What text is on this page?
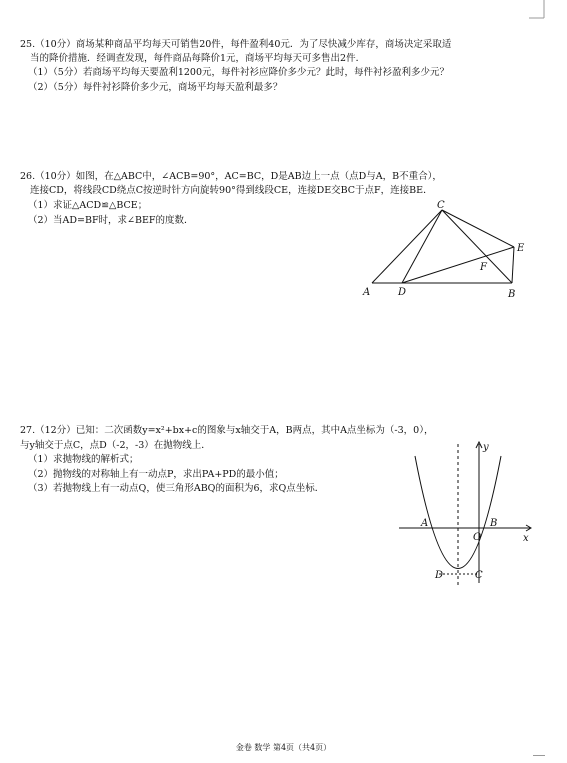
25.（10分）商场某种商品平均每天可销售20件，每件盈利40元．为了尽快减少库存，商场决定采取适
当的降价措施．经调查发现，每件商品每降价1元，商场平均每天可多售出2件．
（1）（5分）若商场平均每天要盈利1200元，每件衬衫应降价多少元？此时，每件衬衫盈利多少元？
（2）（5分）每件衬衫降价多少元，商场平均每天盈利最多？
26.（10分）如图，在△ABC中，∠ACB=90°，AC=BC，D是AB边上一点（点D与A，B不重合），
连接CD，将线段CD绕点C按逆时针方向旋转90°得到线段CE，连接DE交BC于点F，连接BE．
（1）求证△ACD≌△BCE；
（2）当AD=BF时，求∠BEF的度数．
A	D	B
C
E
F
27.（12分）已知：二次函数y=x²+bx+c的图象与x轴交于A，B两点，其中A点坐标为（-3，0），
与y轴交于点C，点D（-2，-3）在抛物线上．
（1）求抛物线的解析式；
（2）抛物线的对称轴上有一动点P，求出PA+PD的最小值；
（3）若抛物线上有一动点Q，使三角形ABQ的面积为6，求Q点坐标．
y
x
A	B
O
D	C
金卷 数学 第4页（共4页）
